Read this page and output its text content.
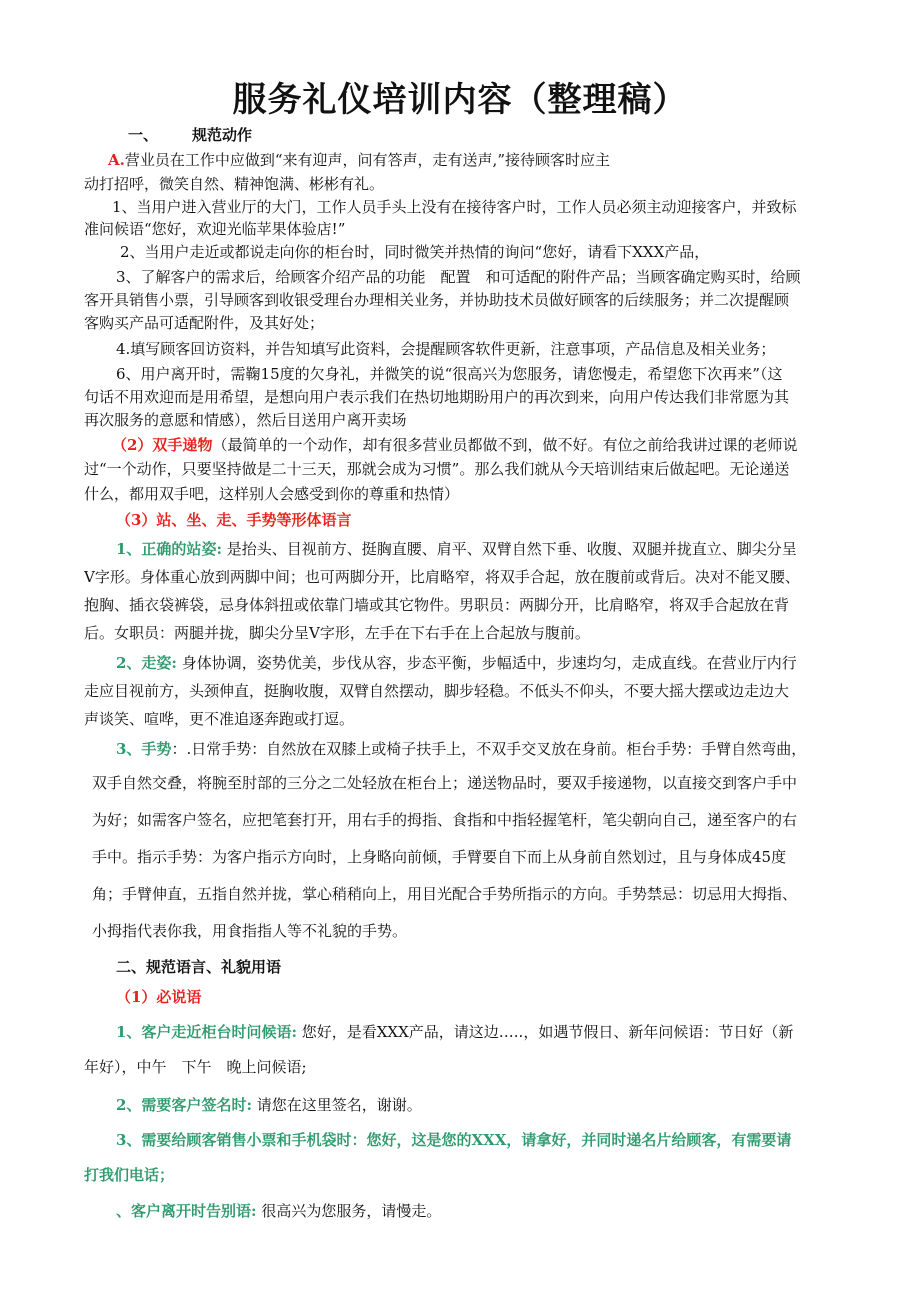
服务礼仪培训内容（整理稿）
一、 规范动作
A.营业员在工作中应做到“来有迎声，问有答声，走有送声,”接待顾客时应主
动打招呼，微笑自然、精神饱满、彬彬有礼。
1、当用户进入营业厅的大门，工作人员手头上没有在接待客户时，工作人员必须主动迎接客户，并致标
准问候语“您好，欢迎光临苹果体验店!”
2、当用户走近或都说走向你的柜台时，同时微笑并热情的询问“您好，请看下XXX产品，
3、了解客户的需求后，给顾客介绍产品的功能　配置　和可适配的附件产品；当顾客确定购买时，给顾
客开具销售小票，引导顾客到收银受理台办理相关业务，并协助技术员做好顾客的后续服务；并二次提醒顾
客购买产品可适配附件，及其好处；
4.填写顾客回访资料，并告知填写此资料，会提醒顾客软件更新，注意事项，产品信息及相关业务；
6、用户离开时，需鞠15度的欠身礼，并微笑的说“很高兴为您服务，请您慢走，希望您下次再来”（这
句话不用欢迎而是用希望，是想向用户表示我们在热切地期盼用户的再次到来，向用户传达我们非常愿为其
再次服务的意愿和情感），然后目送用户离开卖场
（2）双手递物（最简单的一个动作，却有很多营业员都做不到，做不好。有位之前给我讲过课的老师说
过“一个动作，只要坚持做是二十三天，那就会成为习惯”。那么我们就从今天培训结束后做起吧。无论递送
什么，都用双手吧，这样别人会感受到你的尊重和热情）
（3）站、坐、走、手势等形体语言
1、正确的站姿: 是抬头、目视前方、挺胸直腰、肩平、双臂自然下垂、收腹、双腿并拢直立、脚尖分呈
V字形。身体重心放到两脚中间；也可两脚分开，比肩略窄，将双手合起，放在腹前或背后。决对不能叉腰、
抱胸、插衣袋裤袋，忌身体斜扭或依靠门墙或其它物件。男职员：两脚分开，比肩略窄，将双手合起放在背
后。女职员：两腿并拢，脚尖分呈V字形，左手在下右手在上合起放与腹前。
2、走姿: 身体协调，姿势优美，步伐从容，步态平衡，步幅适中，步速均匀，走成直线。在营业厅内行
走应目视前方，头颈伸直，挺胸收腹，双臂自然摆动，脚步轻稳。不低头不仰头，不要大摇大摆或边走边大
声谈笑、喧哗，更不准追逐奔跑或打逗。
3、手势：.日常手势：自然放在双膝上或椅子扶手上，不双手交叉放在身前。柜台手势：手臂自然弯曲，
双手自然交叠，将腕至肘部的三分之二处轻放在柜台上；递送物品时，要双手接递物，以直接交到客户手中
为好；如需客户签名，应把笔套打开，用右手的拇指、食指和中指轻握笔杆，笔尖朝向自己，递至客户的右
手中。指示手势：为客户指示方向时，上身略向前倾，手臂要自下而上从身前自然划过，且与身体成45度
角；手臂伸直，五指自然并拢，掌心稍稍向上，用目光配合手势所指示的方向。手势禁忌：切忌用大拇指、
小拇指代表你我，用食指指人等不礼貌的手势。
二、规范语言、礼貌用语
（1）必说语
1、客户走近柜台时问候语: 您好，是看XXX产品，请这边…..，如遇节假日、新年问候语：节日好（新
年好），中午　下午　晚上问候语;
2、需要客户签名时: 请您在这里签名，谢谢。
3、需要给顾客销售小票和手机袋时：您好，这是您的XXX，请拿好，并同时递名片给顾客，有需要请
打我们电话；
、客户离开时告别语: 很高兴为您服务，请慢走。
